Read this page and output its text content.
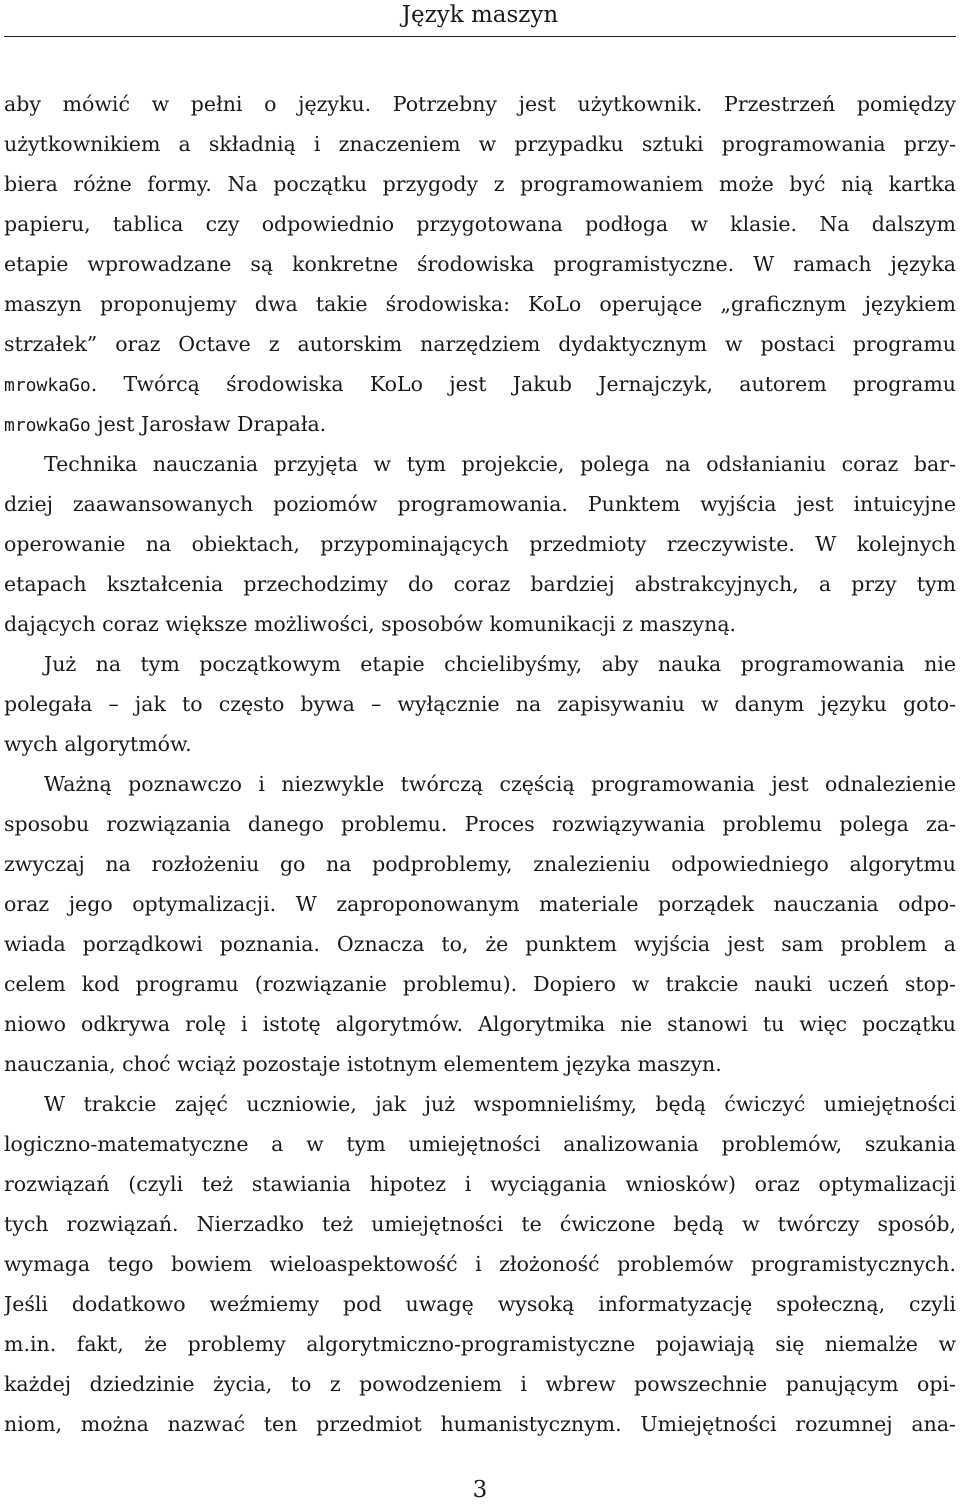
Język maszyn
aby mówić w pełni o języku. Potrzebny jest użytkownik. Przestrzeń pomiędzy
użytkownikiem a składnią i znaczeniem w przypadku sztuki programowania przy-
biera różne formy. Na początku przygody z programowaniem może być nią kartka
papieru, tablica czy odpowiednio przygotowana podłoga w klasie. Na dalszym
etapie wprowadzane są konkretne środowiska programistyczne. W ramach języka
maszyn proponujemy dwa takie środowiska: KoLo operujące „graficznym językiem
strzałek” oraz Octave z autorskim narzędziem dydaktycznym w postaci programu
mrowkaGo. Twórcą środowiska KoLo jest Jakub Jernajczyk, autorem programu
mrowkaGo jest Jarosław Drapała.
Technika nauczania przyjęta w tym projekcie, polega na odsłanianiu coraz bar-
dziej zaawansowanych poziomów programowania. Punktem wyjścia jest intuicyjne
operowanie na obiektach, przypominających przedmioty rzeczywiste. W kolejnych
etapach kształcenia przechodzimy do coraz bardziej abstrakcyjnych, a przy tym
dających coraz większe możliwości, sposobów komunikacji z maszyną.
Już na tym początkowym etapie chcielibyśmy, aby nauka programowania nie
polegała – jak to często bywa – wyłącznie na zapisywaniu w danym języku goto-
wych algorytmów.
Ważną poznawczo i niezwykle twórczą częścią programowania jest odnalezienie
sposobu rozwiązania danego problemu. Proces rozwiązywania problemu polega za-
zwyczaj na rozłożeniu go na podproblemy, znalezieniu odpowiedniego algorytmu
oraz jego optymalizacji. W zaproponowanym materiale porządek nauczania odpo-
wiada porządkowi poznania. Oznacza to, że punktem wyjścia jest sam problem a
celem kod programu (rozwiązanie problemu). Dopiero w trakcie nauki uczeń stop-
niowo odkrywa rolę i istotę algorytmów. Algorytmika nie stanowi tu więc początku
nauczania, choć wciąż pozostaje istotnym elementem języka maszyn.
W trakcie zajęć uczniowie, jak już wspomnieliśmy, będą ćwiczyć umiejętności
logiczno-matematyczne a w tym umiejętności analizowania problemów, szukania
rozwiązań (czyli też stawiania hipotez i wyciągania wniosków) oraz optymalizacji
tych rozwiązań. Nierzadko też umiejętności te ćwiczone będą w twórczy sposób,
wymaga tego bowiem wieloaspektowość i złożoność problemów programistycznych.
Jeśli dodatkowo weźmiemy pod uwagę wysoką informatyzację społeczną, czyli
m.in. fakt, że problemy algorytmiczno-programistyczne pojawiają się niemalże w
każdej dziedzinie życia, to z powodzeniem i wbrew powszechnie panującym opi-
niom, można nazwać ten przedmiot humanistycznym. Umiejętności rozumnej ana-
3
